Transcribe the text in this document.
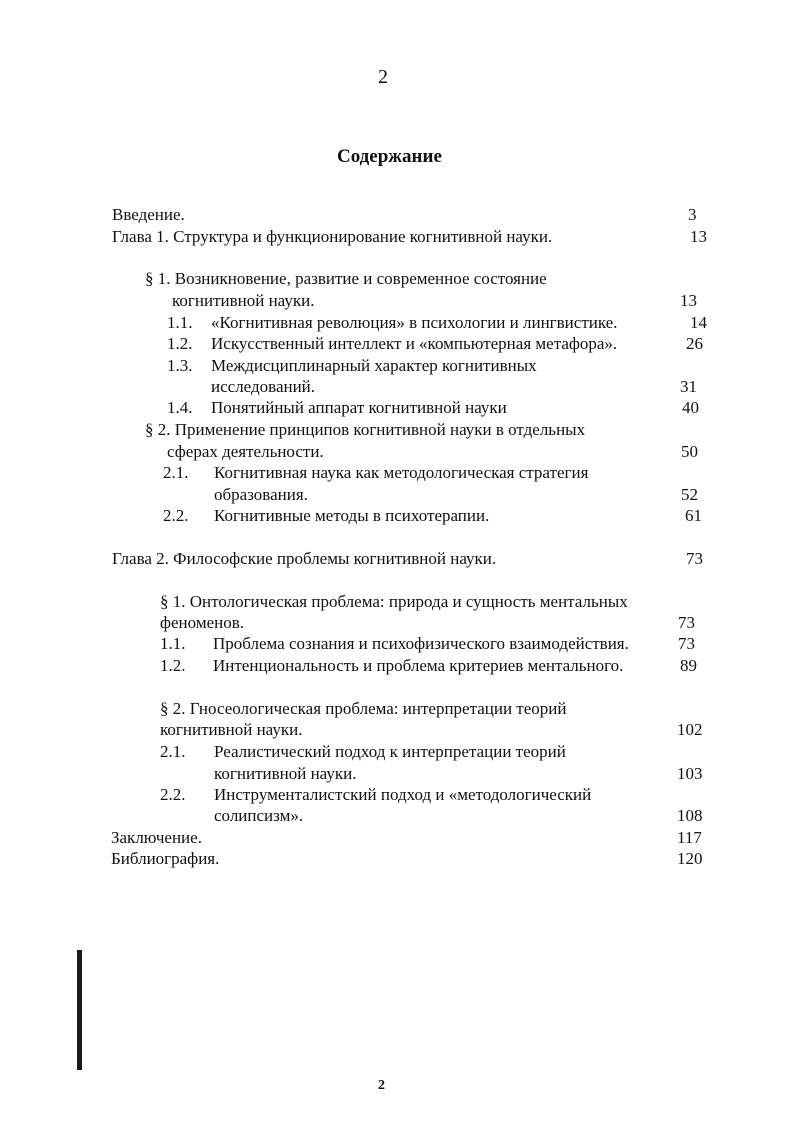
2
Содержание
Введение.	3
Глава 1. Структура и функционирование когнитивной науки.	13
§ 1. Возникновение, развитие и современное состояние
когнитивной науки.	13
1.1. «Когнитивная революция» в психологии и лингвистике.	14
1.2. Искусственный интеллект и «компьютерная метафора».	26
1.3. Междисциплинарный характер когнитивных
исследований.	31
1.4. Понятийный аппарат когнитивной науки	40
§ 2. Применение принципов когнитивной науки в отдельных
сферах деятельности.	50
2.1. Когнитивная наука как методологическая стратегия
образования.	52
2.2. Когнитивные методы в психотерапии.	61
Глава 2. Философские проблемы когнитивной науки.	73
§ 1. Онтологическая проблема: природа и сущность ментальных
феноменов.	73
1.1. Проблема сознания и психофизического взаимодействия.	73
1.2. Интенциональность и проблема критериев ментального.	89
§ 2. Гносеологическая проблема: интерпретации теорий
когнитивной науки.	102
2.1. Реалистический подход к интерпретации теорий
когнитивной науки.	103
2.2. Инструменталистский подход и «методологический
солипсизм».	108
Заключение.	117
Библиография.	120
2
